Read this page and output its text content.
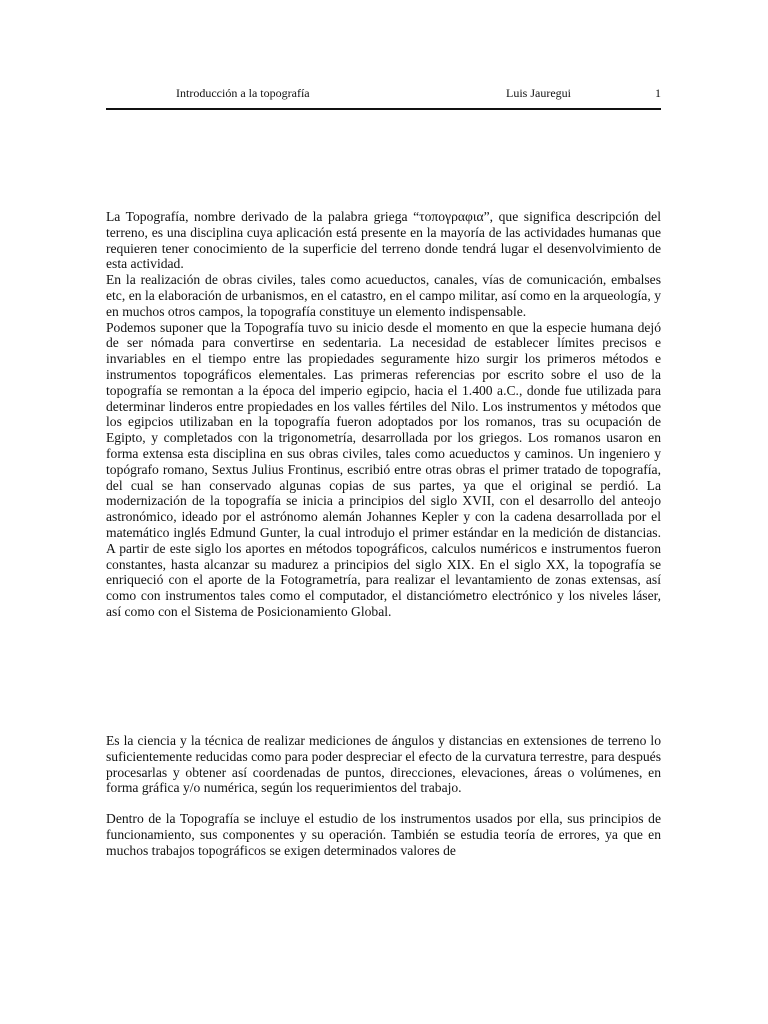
Introducción a la topografía	Luis Jauregui	1

La Topografía, nombre derivado de la palabra griega “τοπογραφια”, que significa descripción del terreno, es una disciplina cuya aplicación está presente en la mayoría de las actividades humanas que requieren tener conocimiento de la superficie del terreno donde tendrá lugar el desenvolvimiento de esta actividad.

En la realización de obras civiles, tales como acueductos, canales, vías de comunicación, embalses etc, en la elaboración de urbanismos, en el catastro, en el campo militar, así como en la arqueología, y en muchos otros campos, la topografía constituye un elemento indispensable.

Podemos suponer que la Topografía tuvo su inicio desde el momento en que la especie humana dejó de ser nómada para convertirse en sedentaria. La necesidad de establecer límites precisos e invariables en el tiempo entre las propiedades seguramente hizo surgir los primeros métodos e instrumentos topográficos elementales. Las primeras referencias por escrito sobre el uso de la topografía se remontan a la época del imperio egipcio, hacia el 1.400 a.C., donde fue utilizada para determinar linderos entre propiedades en los valles fértiles del Nilo. Los instrumentos y métodos que los egipcios utilizaban en la topografía fueron adoptados por los romanos, tras su ocupación de Egipto, y completados con la trigonometría, desarrollada por los griegos. Los romanos usaron en forma extensa esta disciplina en sus obras civiles, tales como acueductos y caminos. Un ingeniero y topógrafo romano, Sextus Julius Frontinus, escribió entre otras obras el primer tratado de topografía, del cual se han conservado algunas copias de sus partes, ya que el original se perdió. La modernización de la topografía se inicia a principios del siglo XVII, con el desarrollo del anteojo astronómico, ideado por el astrónomo alemán Johannes Kepler y con la cadena desarrollada por el matemático inglés Edmund Gunter, la cual introdujo el primer estándar en la medición de distancias. A partir de este siglo los aportes en métodos topográficos, calculos numéricos e instrumentos fueron constantes, hasta alcanzar su madurez a principios del siglo XIX. En el siglo XX, la topografía se enriqueció con el aporte de la Fotogrametría, para realizar el levantamiento de zonas extensas, así como con instrumentos tales como el computador, el distanciómetro electrónico y los niveles láser, así como con el Sistema de Posicionamiento Global.

Es la ciencia y la técnica de realizar mediciones de ángulos y distancias en extensiones de terreno lo suficientemente reducidas como para poder despreciar el efecto de la curvatura terrestre, para después procesarlas y obtener así coordenadas de puntos, direcciones, elevaciones, áreas o volúmenes, en forma gráfica y/o numérica, según los requerimientos del trabajo.

Dentro de la Topografía se incluye el estudio de los instrumentos usados por ella, sus principios de funcionamiento, sus componentes y su operación. También se estudia teoría de errores, ya que en muchos trabajos topográficos se exigen determinados valores de
